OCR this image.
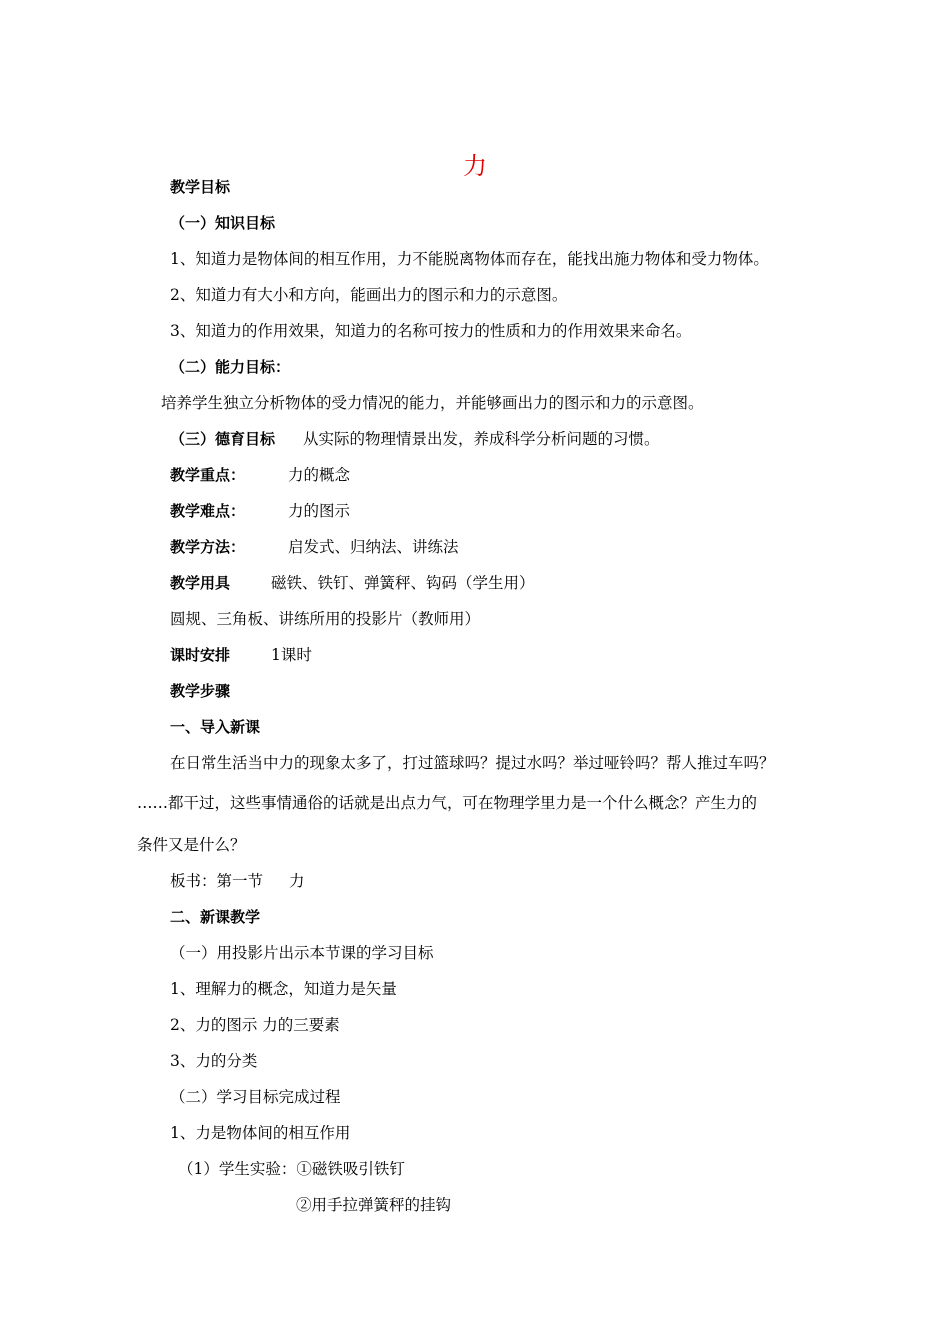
力
教学目标
（一）知识目标
1、知道力是物体间的相互作用，力不能脱离物体而存在，能找出施力物体和受力物体。
2、知道力有大小和方向，能画出力的图示和力的示意图。
3、知道力的作用效果，知道力的名称可按力的性质和力的作用效果来命名。
（二）能力目标：
培养学生独立分析物体的受力情况的能力，并能够画出力的图示和力的示意图。
（三）德育目标 从实际的物理情景出发，养成科学分析问题的习惯。
教学重点：	力的概念
教学难点：	力的图示
教学方法：	启发式、归纳法、讲练法
教学用具	磁铁、铁钉、弹簧秤、钩码（学生用）
圆规、三角板、讲练所用的投影片（教师用）
课时安排	1课时
教学步骤
一、导入新课
在日常生活当中力的现象太多了，打过篮球吗？提过水吗？举过哑铃吗？帮人推过车吗？
……都干过，这些事情通俗的话就是出点力气，可在物理学里力是一个什么概念？产生力的
条件又是什么？
板书：第一节 力
二、新课教学
（一）用投影片出示本节课的学习目标
1、理解力的概念，知道力是矢量
2、力的图示 力的三要素
3、力的分类
（二）学习目标完成过程
1、力是物体间的相互作用
（1）学生实验：①磁铁吸引铁钉
②用手拉弹簧秤的挂钩
